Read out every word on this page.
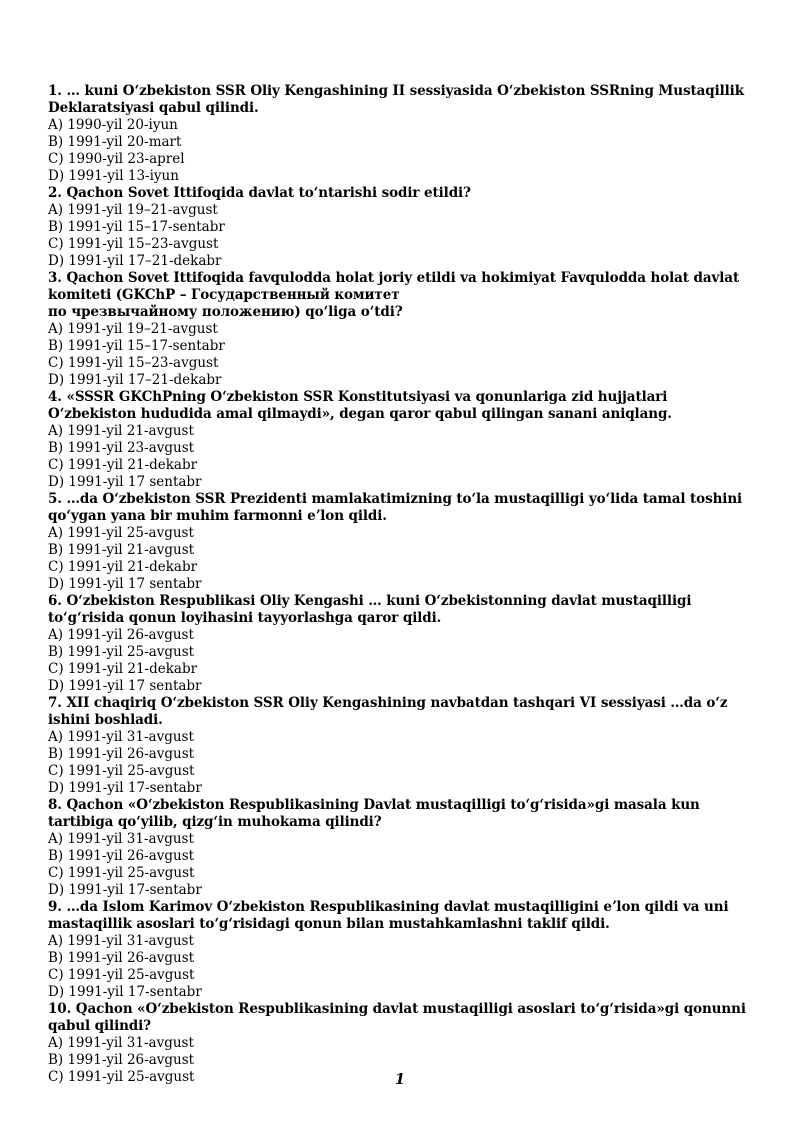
1. … kuni Oʻzbekiston SSR Oliy Kengashining II sessiyasida Oʻzbekiston SSRning Mustaqillik Deklaratsiyasi qabul qilindi.

A ) 1990-yil 20-iyun

B ) 1991-yil 20-mart

C ) 1990-yil 23-aprel

D ) 1991-yil 13-iyun

2. Qachon Sovet Ittifoqida davlat toʻntarishi sodir etildi?

A ) 1991-yil 19–21-avgust

B ) 1991-yil 15–17-sentabr

C ) 1991-yil 15–23-avgust

D ) 1991-yil 17–21-dekabr

3. Qachon Sovet Ittifoqida favqulodda holat joriy etildi va hokimiyat Favqulodda holat davlat komiteti (GKChP – Государственный комитет
по чрезвычайному положению) qoʻliga oʻtdi?

A ) 1991-yil 19–21-avgust

B ) 1991-yil 15–17-sentabr

C ) 1991-yil 15–23-avgust

D ) 1991-yil 17–21-dekabr

4. «SSSR GKChPning Oʻzbekiston SSR Konstitutsiyasi va qonunlariga zid hujjatlari Oʻzbekiston hududida amal qilmaydi», degan qaror qabul qilingan sanani aniqlang.

A ) 1991-yil 21-avgust

B ) 1991-yil 23-avgust

C ) 1991-yil 21-dekabr

D ) 1991-yil 17 sentabr

5. …da Oʻzbekiston SSR Prezidenti mamlakatimizning toʻla mustaqilligi yoʻlida tamal toshini qoʻygan yana bir muhim farmonni eʼlon qildi.

A ) 1991-yil 25-avgust

B ) 1991-yil 21-avgust

C ) 1991-yil 21-dekabr

D ) 1991-yil 17 sentabr

6. Oʻzbekiston Respublikasi Oliy Kengashi … kuni Oʻzbekistonning davlat mustaqilligi toʻgʻrisida qonun loyihasini tayyorlashga qaror qildi.

A ) 1991-yil 26-avgust

B ) 1991-yil 25-avgust

C ) 1991-yil 21-dekabr

D ) 1991-yil 17 sentabr

7. XII chaqiriq Oʻzbekiston SSR Oliy Kengashining navbatdan tashqari VI sessiyasi …da oʻz ishini boshladi.

A ) 1991-yil 31-avgust

B ) 1991-yil 26-avgust

C ) 1991-yil 25-avgust

D ) 1991-yil 17-sentabr

8. Qachon «Oʻzbekiston Respublikasining Davlat mustaqilligi toʻgʻrisida»gi masala kun tartibiga qoʻyilib, qizgʻin muhokama qilindi?

A ) 1991-yil 31-avgust

B ) 1991-yil 26-avgust

C ) 1991-yil 25-avgust

D ) 1991-yil 17-sentabr

9. …da Islom Karimov Oʻzbekiston Respublikasining davlat mustaqilligini eʼlon qildi va uni mastaqillik asoslari toʻgʻrisidagi qonun bilan mustahkamlashni taklif qildi.

A ) 1991-yil 31-avgust

B ) 1991-yil 26-avgust

C ) 1991-yil 25-avgust

D ) 1991-yil 17-sentabr

10. Qachon «Oʻzbekiston Respublikasining davlat mustaqilligi asoslari toʻgʻrisida»gi qonunni qabul qilindi?

A ) 1991-yil 31-avgust

B ) 1991-yil 26-avgust

C ) 1991-yil 25-avgust	1
